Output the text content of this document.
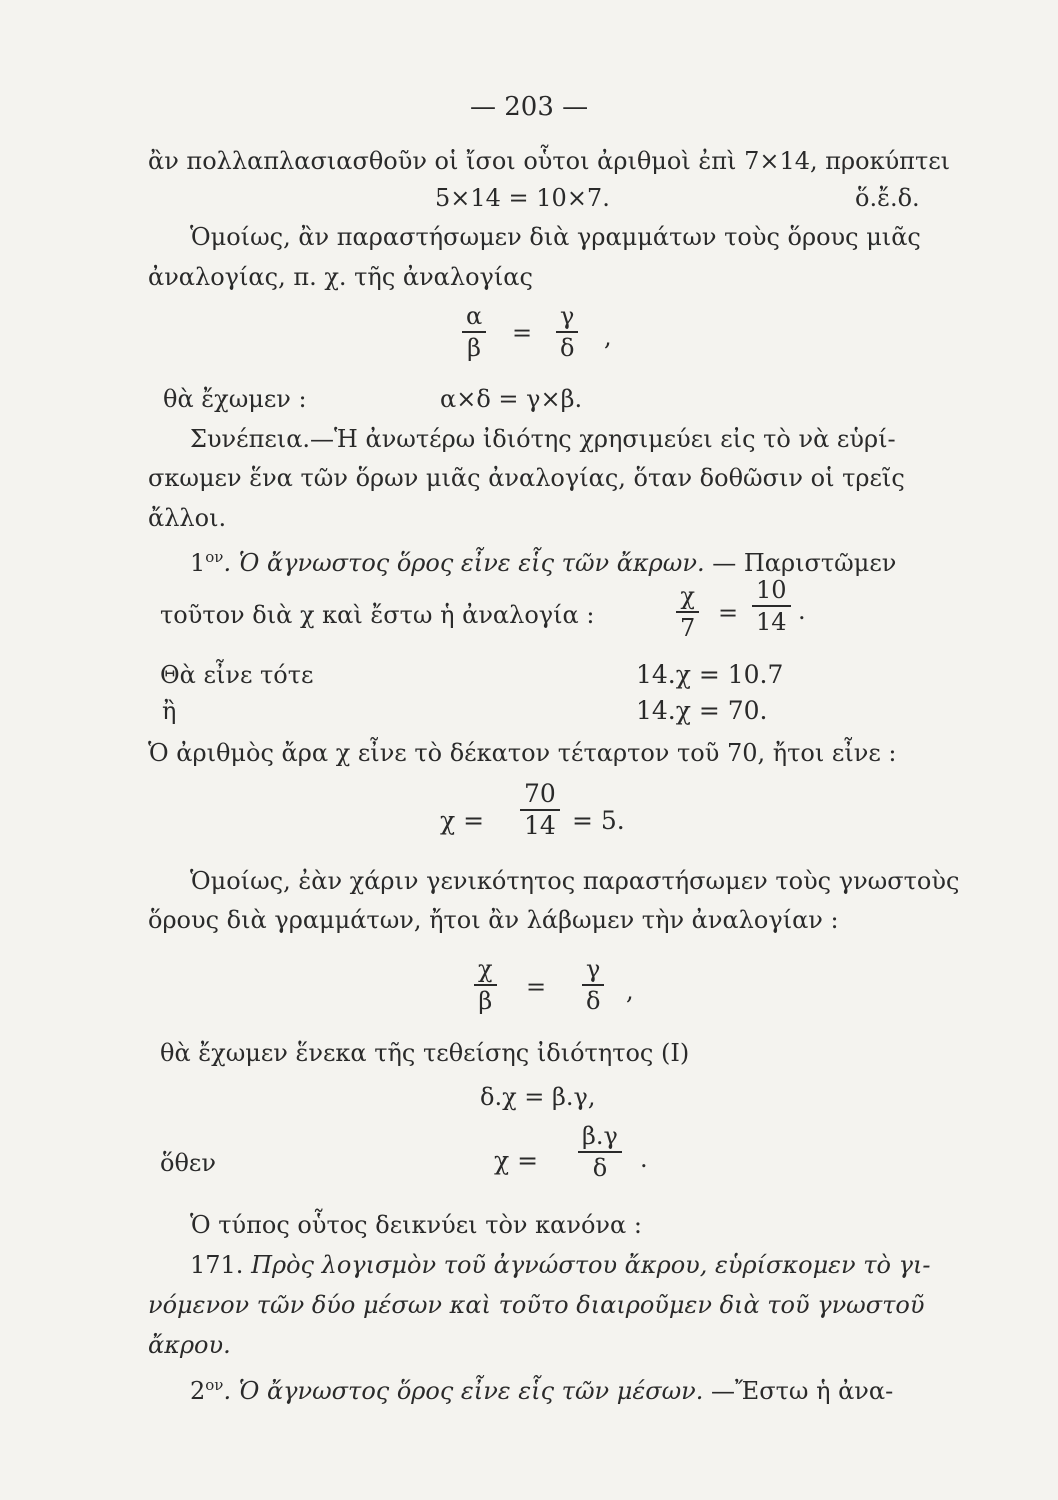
— 203 —
ἂν πολλαπλασιασθοῦν οἱ ἴσοι οὗτοι ἀριθμοὶ ἐπὶ 7×14, προκύπτει
5×14 = 10×7.	ὅ.ἔ.δ.
Ὁμοίως, ἂν παραστήσωμεν διὰ γραμμάτων τοὺς ὅρους μιᾶς
ἀναλογίας, π. χ. τῆς ἀναλογίας
α
β
=
γ
δ ,
θὰ ἔχωμεν :	α×δ = γ×β.
Συνέπεια.—Ἡ ἀνωτέρω ἰδιότης χρησιμεύει εἰς τὸ νὰ εὑρί-
σκωμεν ἕνα τῶν ὅρων μιᾶς ἀναλογίας, ὅταν δοθῶσιν οἱ τρεῖς
ἄλλοι.
$1^{o\nu}$. Ὁ ἄγνωστος ὅρος εἶνε εἷς τῶν ἄκρων. — Παριστῶμεν
τοῦτον διὰ χ καὶ ἔστω ἡ ἀναλογία :
χ
7
=
10
14 .
Θὰ εἶνε τότε	14.χ = 10.7
ἢ	14.χ = 70.
Ὁ ἀριθμὸς ἄρα χ εἶνε τὸ δέκατον τέταρτον τοῦ 70, ἤτοι εἶνε :
χ =
70
14 = 5.
Ὁμοίως, ἐὰν χάριν γενικότητος παραστήσωμεν τοὺς γνωστοὺς
ὅρους διὰ γραμμάτων, ἤτοι ἂν λάβωμεν τὴν ἀναλογίαν :
χ
β =
γ
δ ,
θὰ ἔχωμεν ἕνεκα τῆς τεθείσης ἰδιότητος (Ι)
δ.χ = β.γ,
ὅθεν	χ =
β.γ
δ	.
Ὁ τύπος οὗτος δεικνύει τὸν κανόνα :
171. Πρὸς λογισμὸν τοῦ ἀγνώστου ἄκρου, εὑρίσκομεν τὸ γι-
νόμενον τῶν δύο μέσων καὶ τοῦτο διαιροῦμεν διὰ τοῦ γνωστοῦ
ἄκρου.
$2^{o\nu}$. Ὁ ἄγνωστος ὅρος εἶνε εἷς τῶν μέσων. —Ἔστω ἡ ἀνα-
